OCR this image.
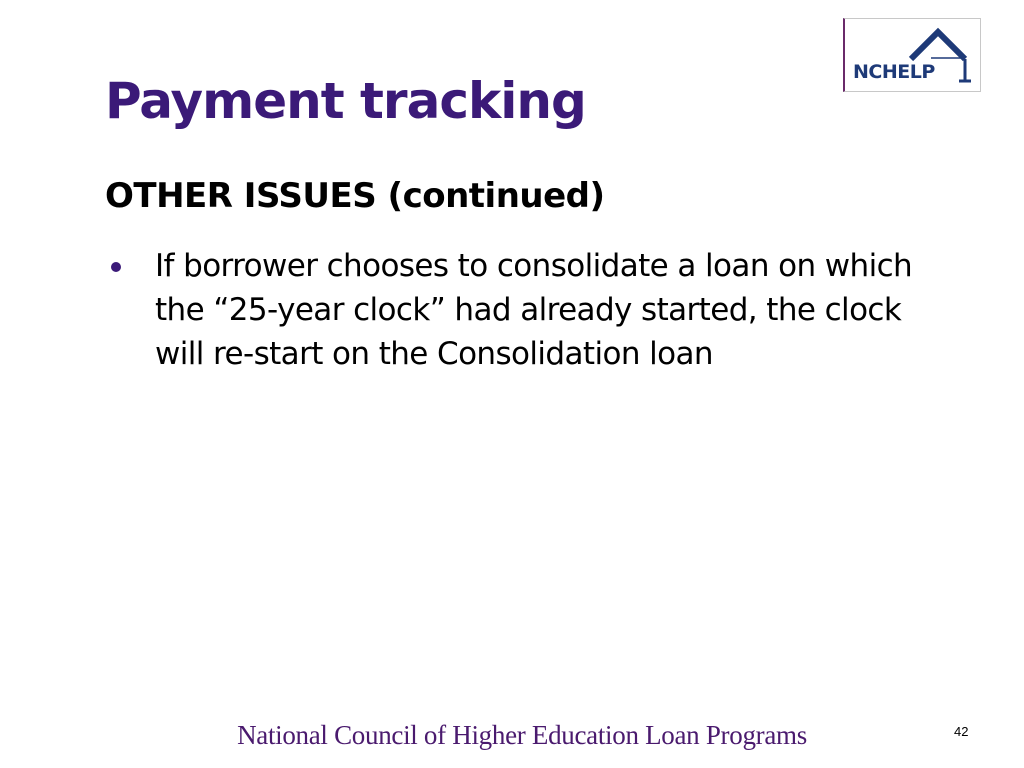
NCHELP
Payment tracking
OTHER ISSUES (continued)
If borrower chooses to consolidate a loan on which the “25-year clock” had already started, the clock will re-start on the Consolidation loan
National Council of Higher Education Loan Programs	42
